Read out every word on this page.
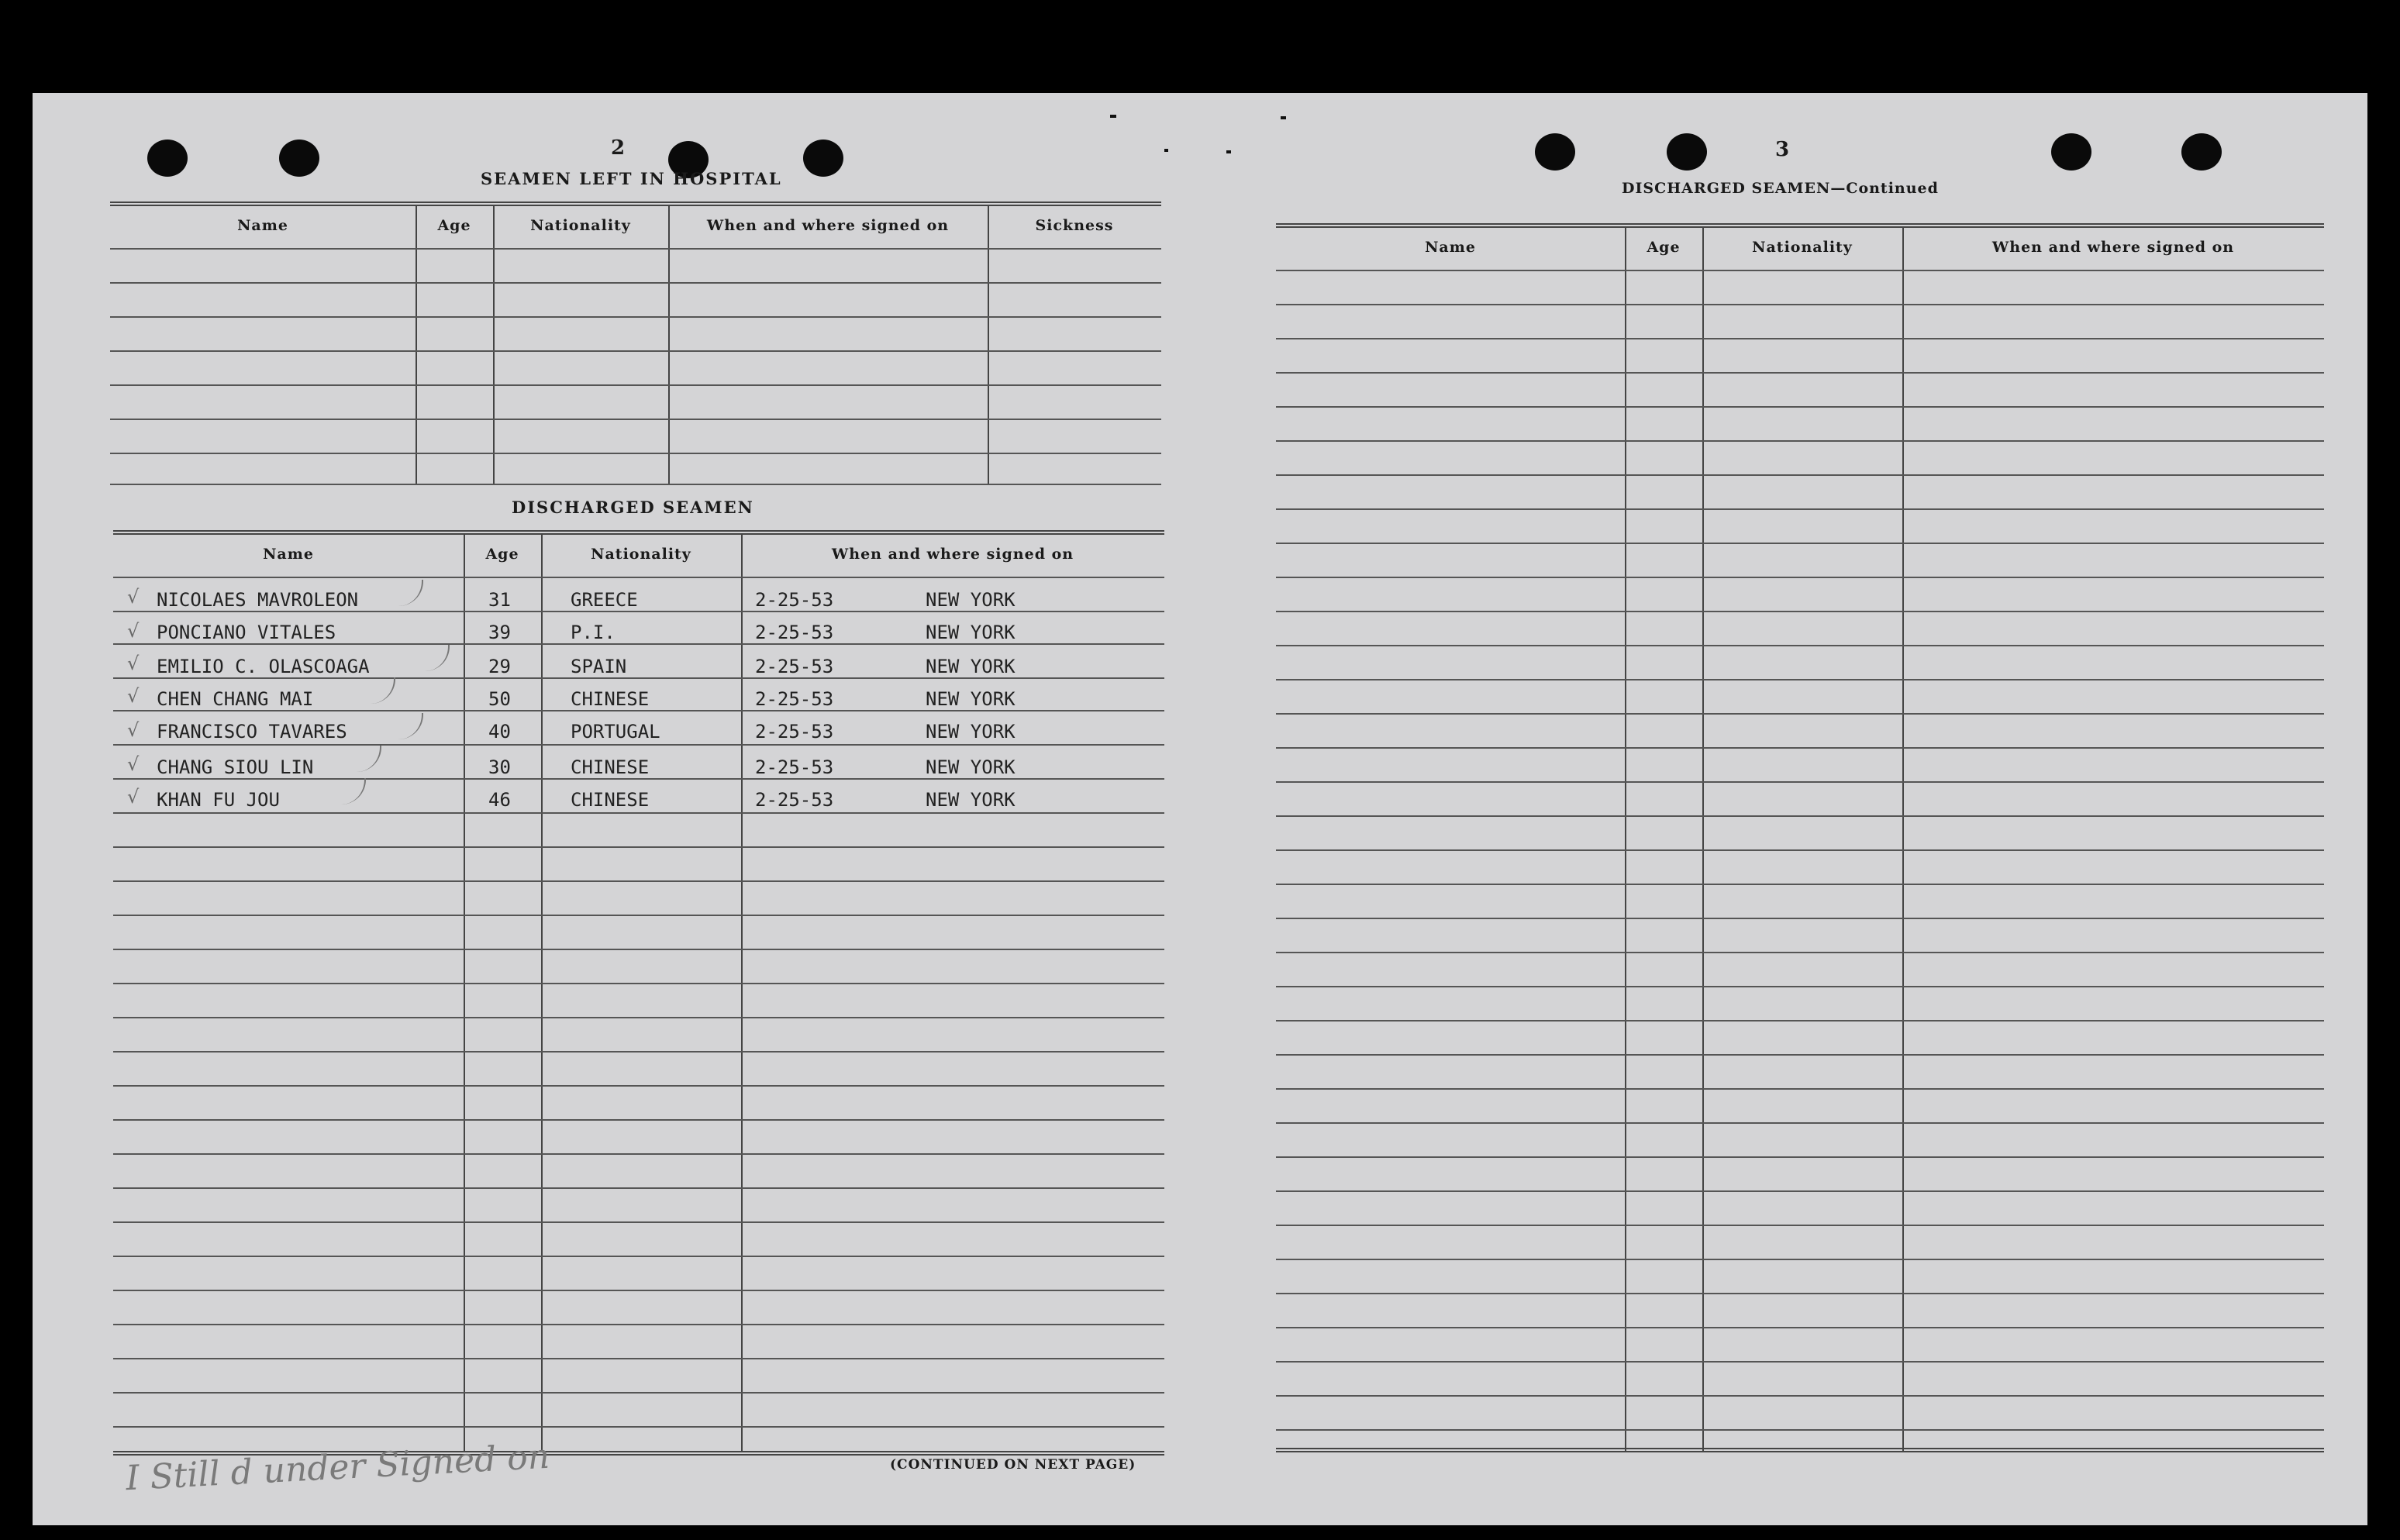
2
SEAMEN LEFT IN HOSPITAL
Name	Age	Nationality	When and where signed on	Sickness
DISCHARGED SEAMEN
Name	Age	Nationality	When and where signed on
√ NICOLAES MAVROLEON	31	GREECE	2-25-53	NEW YORK
√ PONCIANO VITALES	39	P.I.	2-25-53	NEW YORK
√ EMILIO C. OLASCOAGA	29	SPAIN	2-25-53	NEW YORK
√ CHEN CHANG MAI	50	CHINESE	2-25-53	NEW YORK
√ FRANCISCO TAVARES	40	PORTUGAL	2-25-53	NEW YORK
√ CHANG SIOU LIN	30	CHINESE	2-25-53	NEW YORK
√ KHAN FU JOU	46	CHINESE	2-25-53	NEW YORK
I Still d under Signed on	(CONTINUED ON NEXT PAGE)
3
DISCHARGED SEAMEN—Continued
Name	Age	Nationality	When and where signed on
